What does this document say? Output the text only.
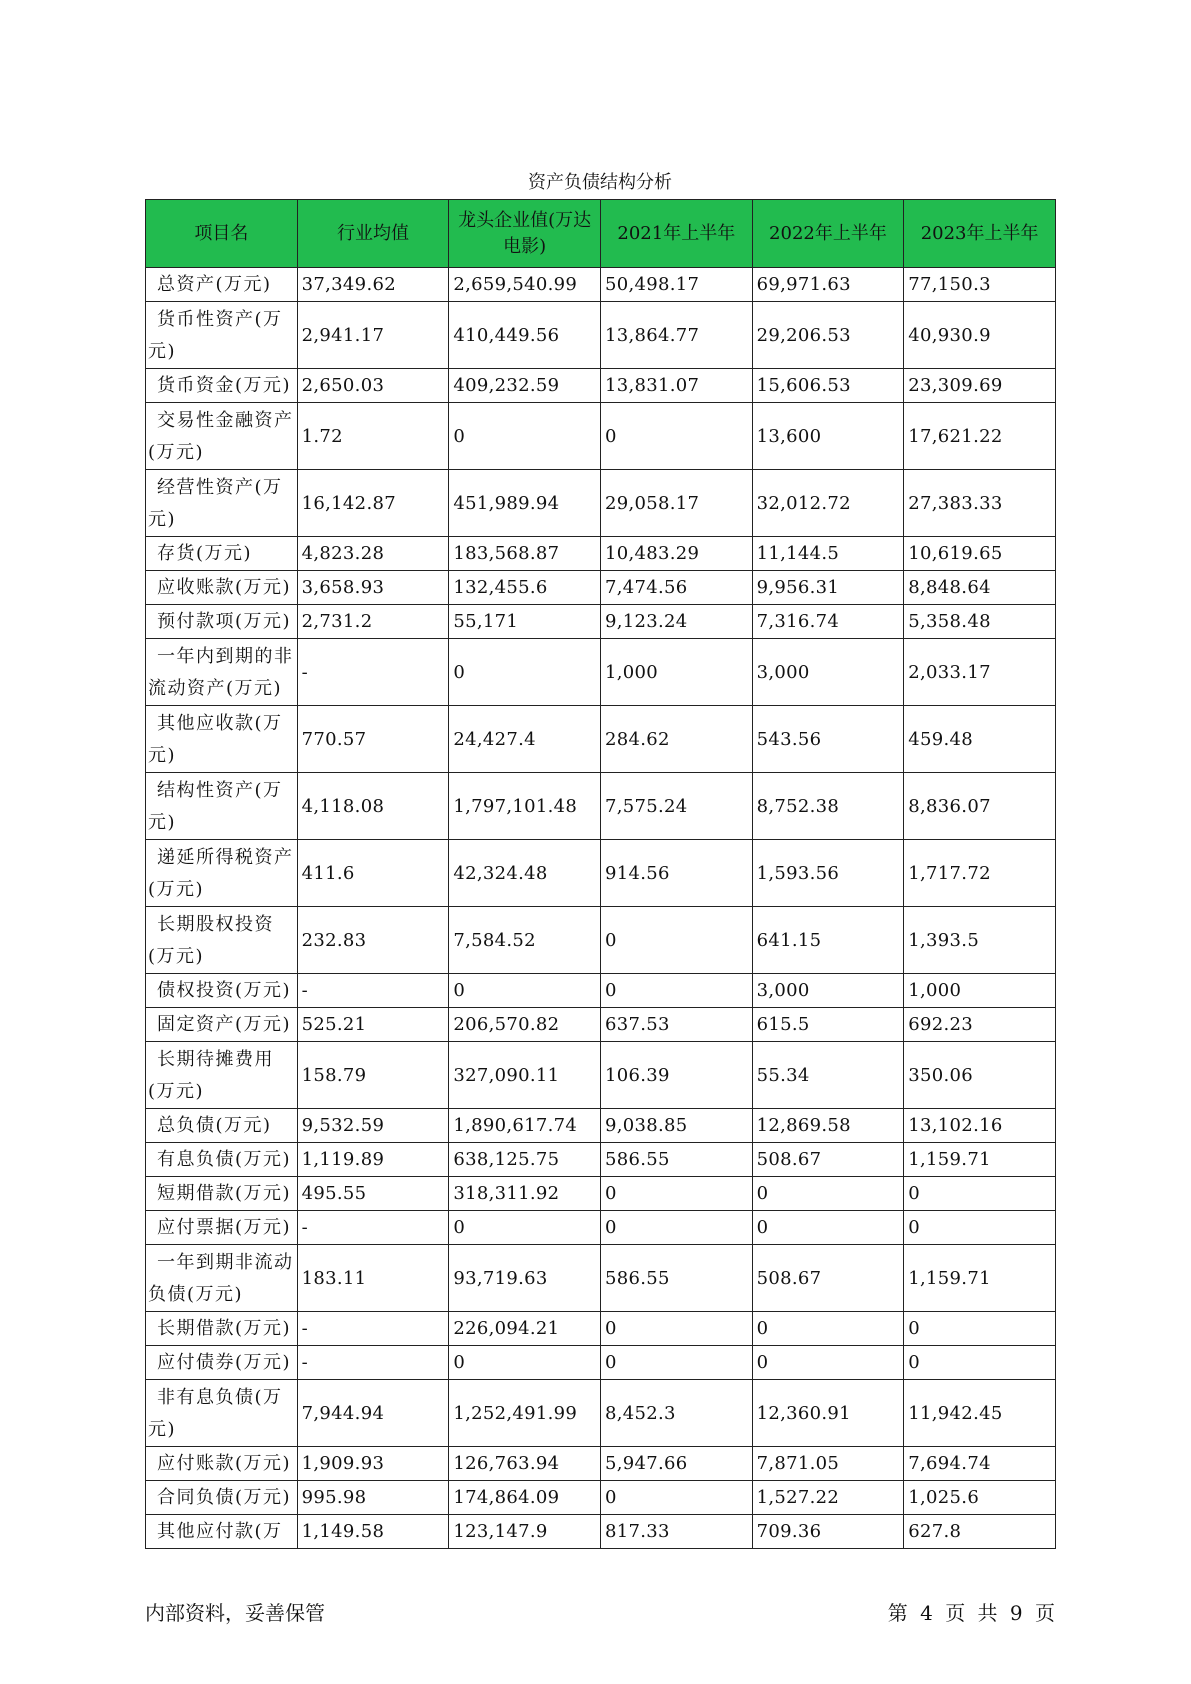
资产负债结构分析
项目名	行业均值	龙头企业值(万达电影)	2021年上半年	2022年上半年	2023年上半年
总资产(万元)	37,349.62	2,659,540.99	50,498.17	69,971.63	77,150.3
货币性资产(万元)	2,941.17	410,449.56	13,864.77	29,206.53	40,930.9
货币资金(万元)	2,650.03	409,232.59	13,831.07	15,606.53	23,309.69
交易性金融资产(万元)	1.72	0	0	13,600	17,621.22
经营性资产(万元)	16,142.87	451,989.94	29,058.17	32,012.72	27,383.33
存货(万元)	4,823.28	183,568.87	10,483.29	11,144.5	10,619.65
应收账款(万元)	3,658.93	132,455.6	7,474.56	9,956.31	8,848.64
预付款项(万元)	2,731.2	55,171	9,123.24	7,316.74	5,358.48
一年内到期的非流动资产(万元)	-	0	1,000	3,000	2,033.17
其他应收款(万元)	770.57	24,427.4	284.62	543.56	459.48
结构性资产(万元)	4,118.08	1,797,101.48	7,575.24	8,752.38	8,836.07
递延所得税资产(万元)	411.6	42,324.48	914.56	1,593.56	1,717.72
长期股权投资(万元)	232.83	7,584.52	0	641.15	1,393.5
债权投资(万元)	-	0	0	3,000	1,000
固定资产(万元)	525.21	206,570.82	637.53	615.5	692.23
长期待摊费用(万元)	158.79	327,090.11	106.39	55.34	350.06
总负债(万元)	9,532.59	1,890,617.74	9,038.85	12,869.58	13,102.16
有息负债(万元)	1,119.89	638,125.75	586.55	508.67	1,159.71
短期借款(万元)	495.55	318,311.92	0	0	0
应付票据(万元)	-	0	0	0	0
一年到期非流动负债(万元)	183.11	93,719.63	586.55	508.67	1,159.71
长期借款(万元)	-	226,094.21	0	0	0
应付债券(万元)	-	0	0	0	0
非有息负债(万元)	7,944.94	1,252,491.99	8,452.3	12,360.91	11,942.45
应付账款(万元)	1,909.93	126,763.94	5,947.66	7,871.05	7,694.74
合同负债(万元)	995.98	174,864.09	0	1,527.22	1,025.6
其他应付款(万	1,149.58	123,147.9	817.33	709.36	627.8
内部资料，妥善保管	第 4 页 共 9 页
